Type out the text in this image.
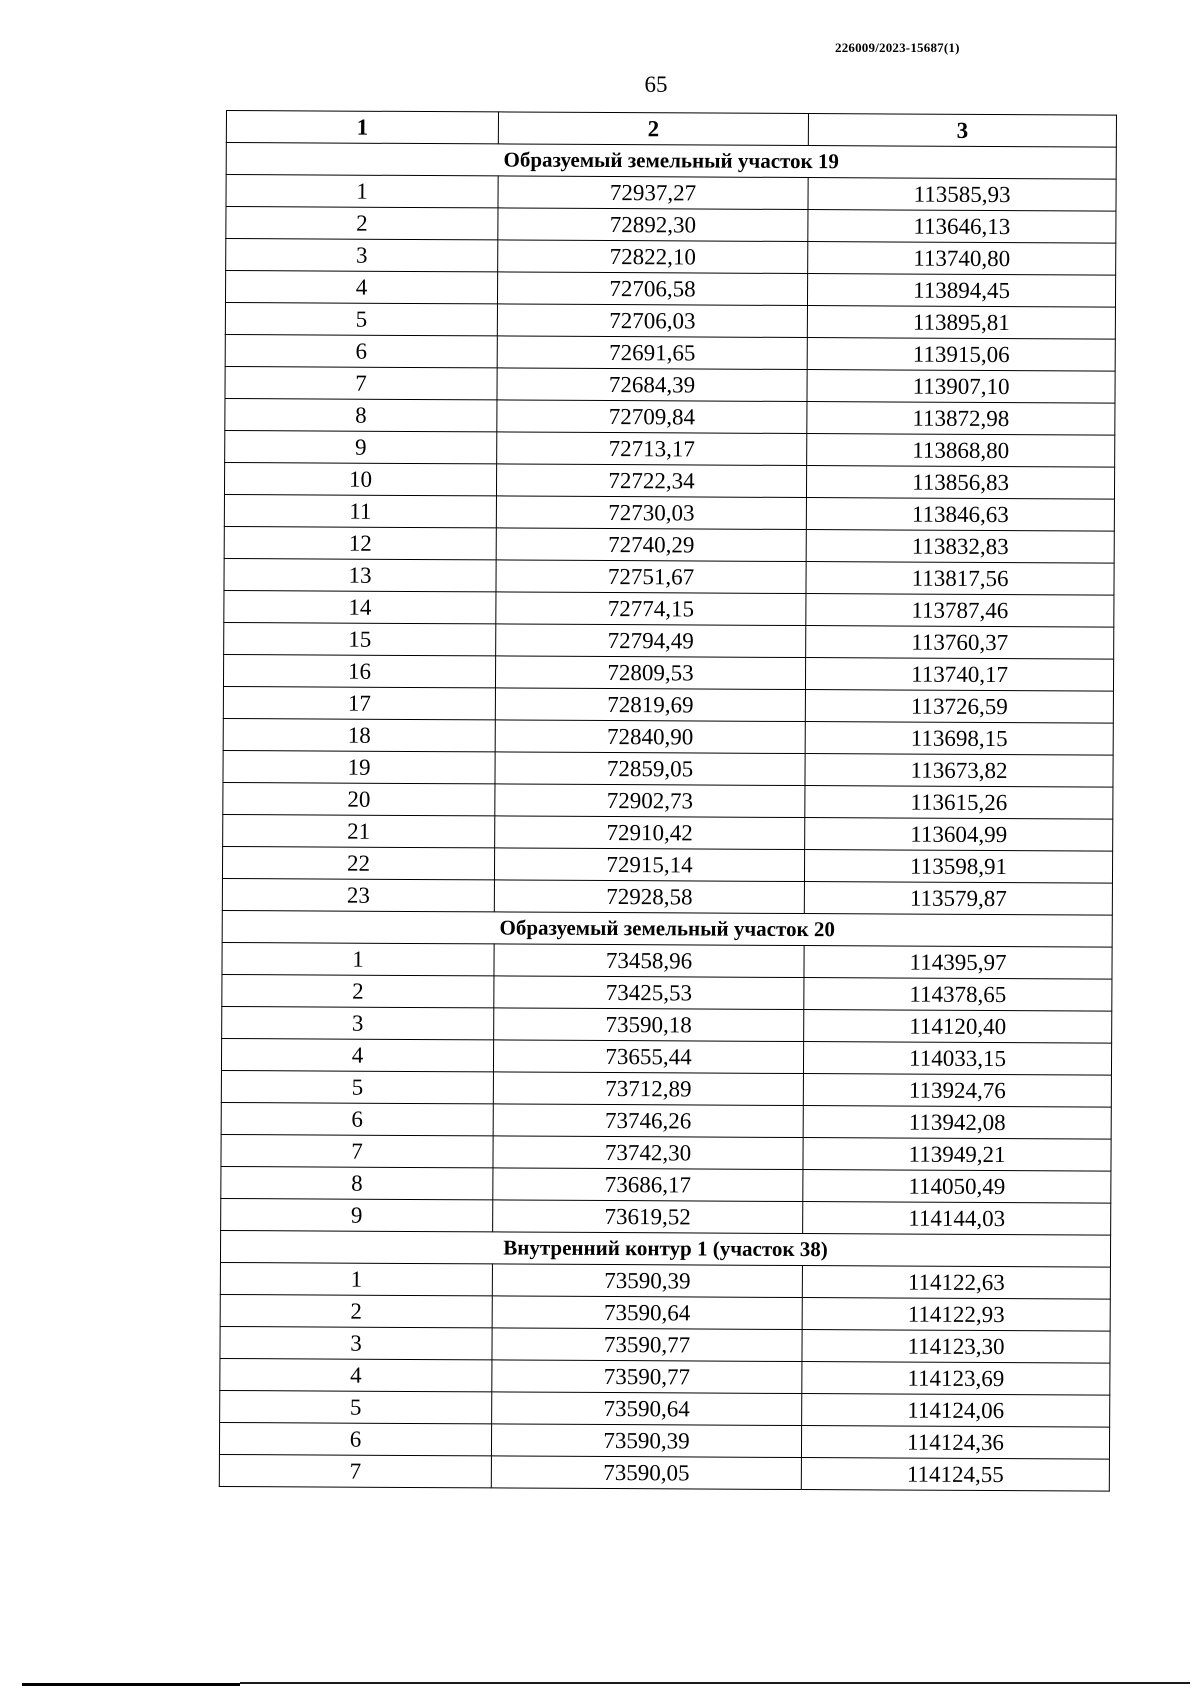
226009/2023-15687(1)
65
1	2	3
Образуемый земельный участок 19		
1	72937,27	113585,93
2	72892,30	113646,13
3	72822,10	113740,80
4	72706,58	113894,45
5	72706,03	113895,81
6	72691,65	113915,06
7	72684,39	113907,10
8	72709,84	113872,98
9	72713,17	113868,80
10	72722,34	113856,83
11	72730,03	113846,63
12	72740,29	113832,83
13	72751,67	113817,56
14	72774,15	113787,46
15	72794,49	113760,37
16	72809,53	113740,17
17	72819,69	113726,59
18	72840,90	113698,15
19	72859,05	113673,82
20	72902,73	113615,26
21	72910,42	113604,99
22	72915,14	113598,91
23	72928,58	113579,87
Образуемый земельный участок 20		
1	73458,96	114395,97
2	73425,53	114378,65
3	73590,18	114120,40
4	73655,44	114033,15
5	73712,89	113924,76
6	73746,26	113942,08
7	73742,30	113949,21
8	73686,17	114050,49
9	73619,52	114144,03
Внутренний контур 1 (участок 38)		
1	73590,39	114122,63
2	73590,64	114122,93
3	73590,77	114123,30
4	73590,77	114123,69
5	73590,64	114124,06
6	73590,39	114124,36
7	73590,05	114124,55
